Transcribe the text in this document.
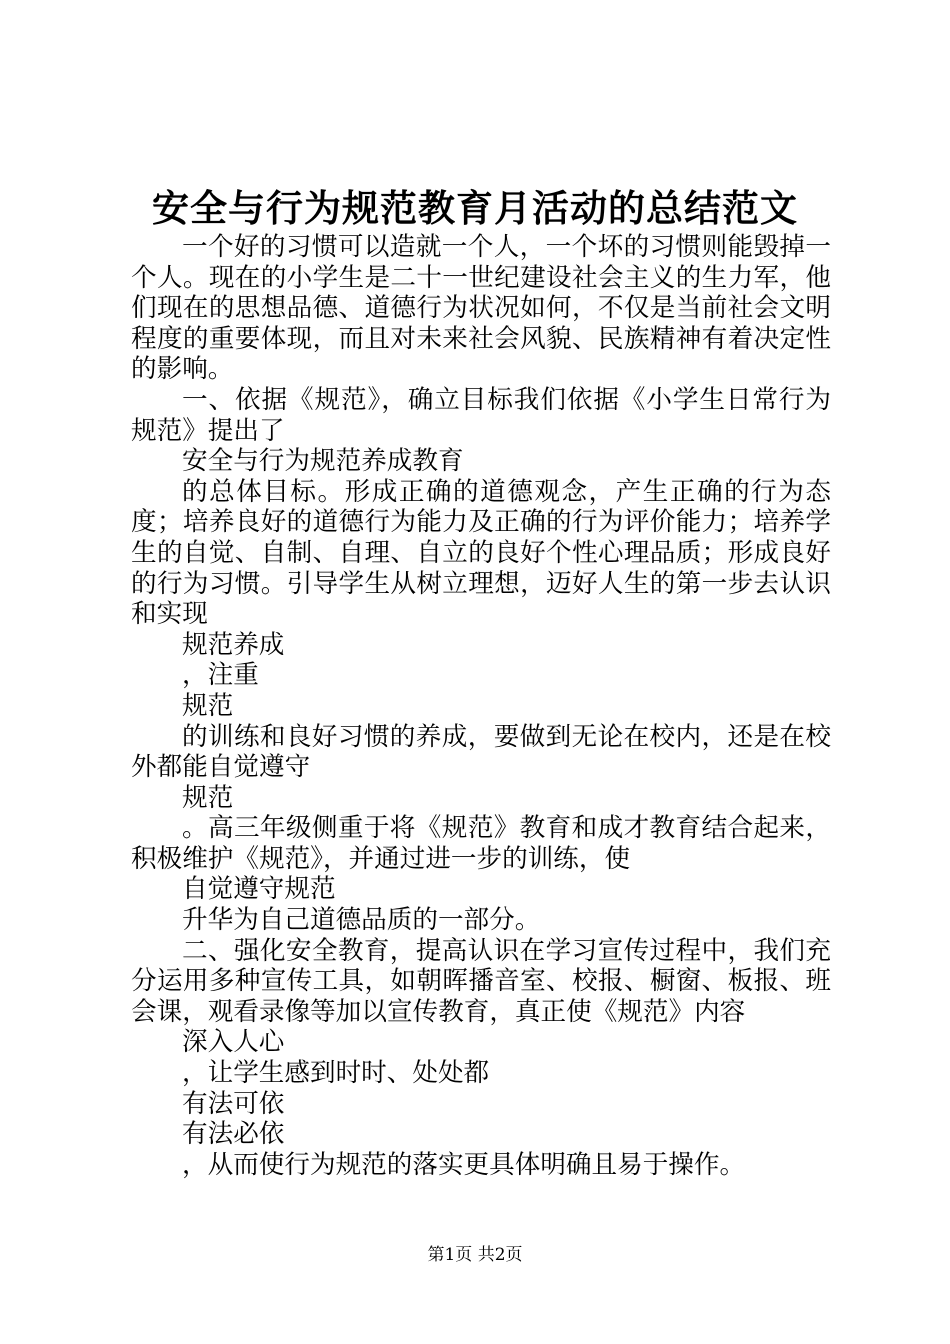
安全与行为规范教育月活动的总结范文

一个好的习惯可以造就一个人，一个坏的习惯则能毁掉一个人。现在的小学生是二十一世纪建设社会主义的生力军，他们现在的思想品德、道德行为状况如何，不仅是当前社会文明程度的重要体现，而且对未来社会风貌、民族精神有着决定性的影响。

一、依据《规范》，确立目标我们依据《小学生日常行为规范》提出了

安全与行为规范养成教育

的总体目标。形成正确的道德观念，产生正确的行为态度；培养良好的道德行为能力及正确的行为评价能力；培养学生的自觉、自制、自理、自立的良好个性心理品质；形成良好的行为习惯。引导学生从树立理想，迈好人生的第一步去认识和实现

规范养成

，注重

规范

的训练和良好习惯的养成，要做到无论在校内，还是在校外都能自觉遵守

规范

。高三年级侧重于将《规范》教育和成才教育结合起来，积极维护《规范》，并通过进一步的训练，使

自觉遵守规范

升华为自己道德品质的一部分。

二、强化安全教育，提高认识在学习宣传过程中，我们充分运用多种宣传工具，如朝晖播音室、校报、橱窗、板报、班会课，观看录像等加以宣传教育，真正使《规范》内容

深入人心

，让学生感到时时、处处都

有法可依

有法必依

，从而使行为规范的落实更具体明确且易于操作。

第1页 共2页
